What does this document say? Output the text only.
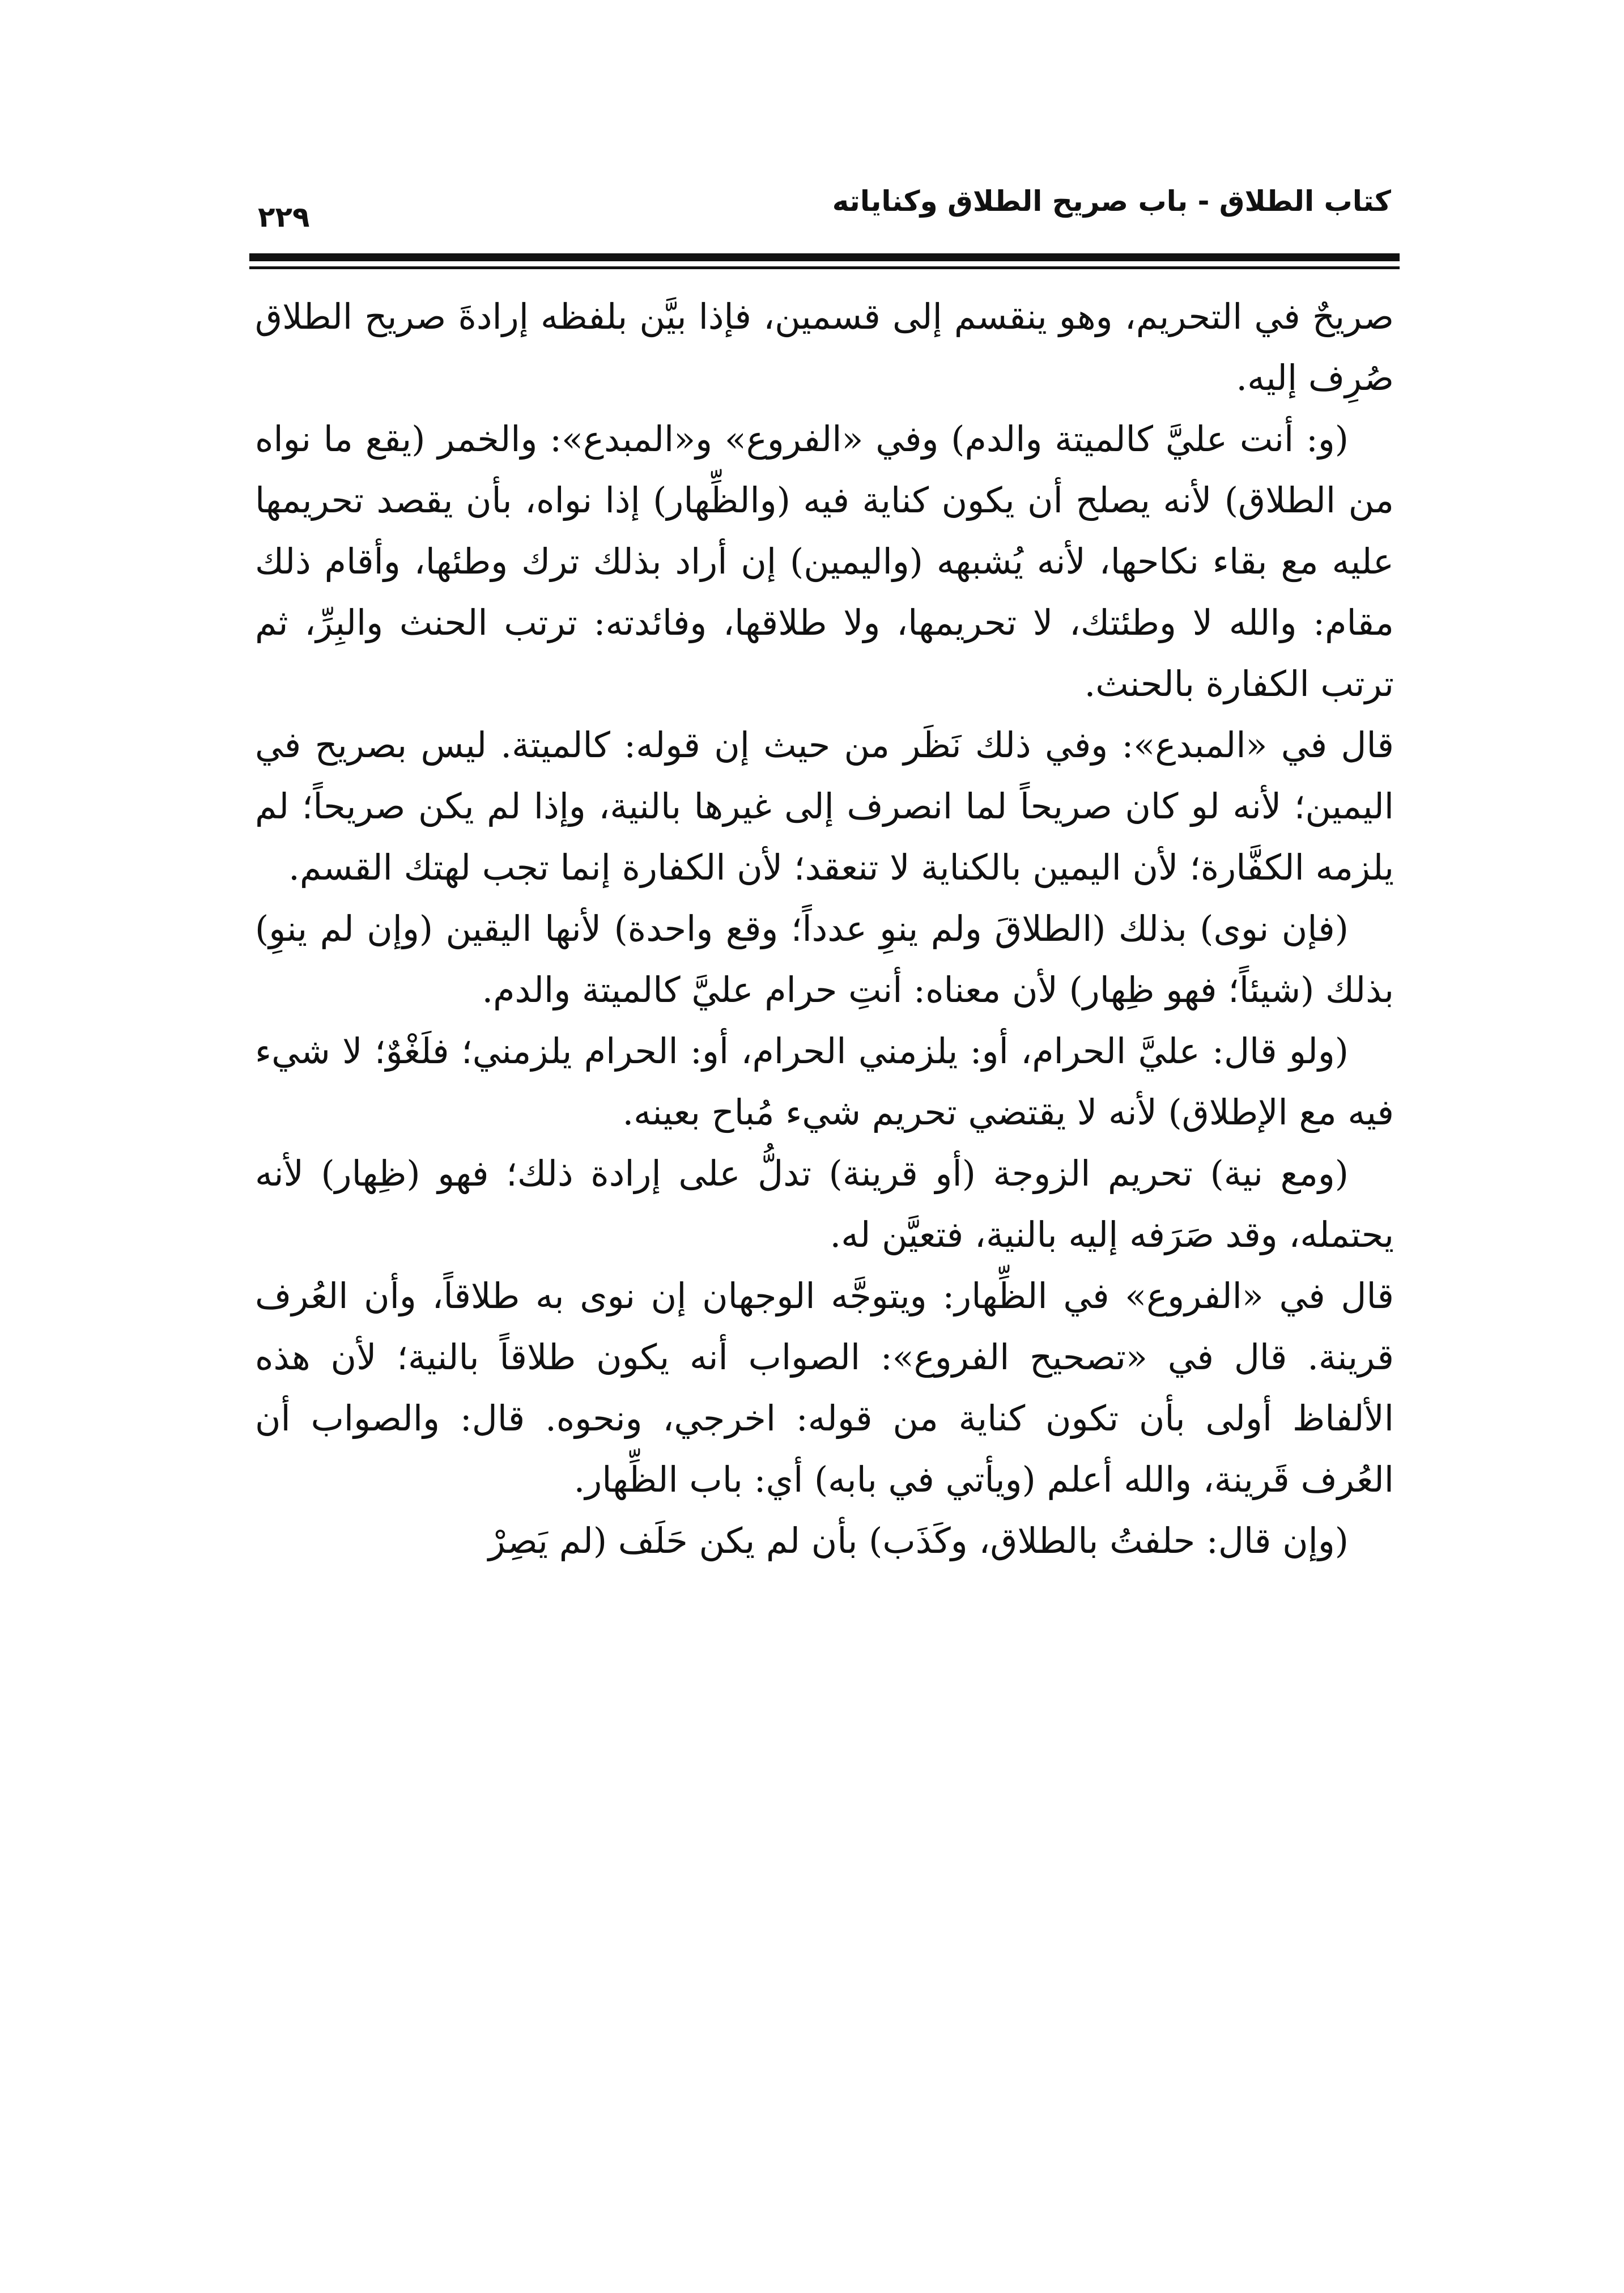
كتاب الطلاق - باب صريح الطلاق وكناياته
٢٢٩

صريحٌ في التحريم، وهو ينقسم إلى قسمين، فإذا بيَّن بلفظه إرادةَ صريح الطلاق صُرِف إليه.

(و: أنت عليَّ كالميتة والدم) وفي «الفروع» و«المبدع»: والخمر (يقع ما نواه من الطلاق) لأنه يصلح أن يكون كناية فيه (والظِّهار) إذا نواه، بأن يقصد تحريمها عليه مع بقاء نكاحها، لأنه يُشبهه (واليمين) إن أراد بذلك ترك وطئها، وأقام ذلك مقام: والله لا وطئتك، لا تحريمها، ولا طلاقها، وفائدته: ترتب الحنث والبِرِّ، ثم ترتب الكفارة بالحنث.

قال في «المبدع»: وفي ذلك نَظَر من حيث إن قوله: كالميتة. ليس بصريح في اليمين؛ لأنه لو كان صريحاً لما انصرف إلى غيرها بالنية، وإذا لم يكن صريحاً؛ لم يلزمه الكفَّارة؛ لأن اليمين بالكناية لا تنعقد؛ لأن الكفارة إنما تجب لهتك القسم.

(فإن نوى) بذلك (الطلاقَ ولم ينوِ عدداً؛ وقع واحدة) لأنها اليقين (وإن لم ينوِ) بذلك (شيئاً؛ فهو ظِهار) لأن معناه: أنتِ حرام عليَّ كالميتة والدم.

(ولو قال: عليَّ الحرام، أو: يلزمني الحرام، أو: الحرام يلزمني؛ فلَغْوٌ؛ لا شيء فيه مع الإطلاق) لأنه لا يقتضي تحريم شيء مُباح بعينه.

(ومع نية) تحريم الزوجة (أو قرينة) تدلُّ على إرادة ذلك؛ فهو (ظِهار) لأنه يحتمله، وقد صَرَفه إليه بالنية، فتعيَّن له.

قال في «الفروع» في الظِّهار: ويتوجَّه الوجهان إن نوى به طلاقاً، وأن العُرف قرينة. قال في «تصحيح الفروع»: الصواب أنه يكون طلاقاً بالنية؛ لأن هذه الألفاظ أولى بأن تكون كناية من قوله: اخرجي، ونحوه. قال: والصواب أن العُرف قَرينة، والله أعلم (ويأتي في بابه) أي: باب الظِّهار.

(وإن قال: حلفتُ بالطلاق، وكَذَب) بأن لم يكن حَلَف (لم يَصِرْ
